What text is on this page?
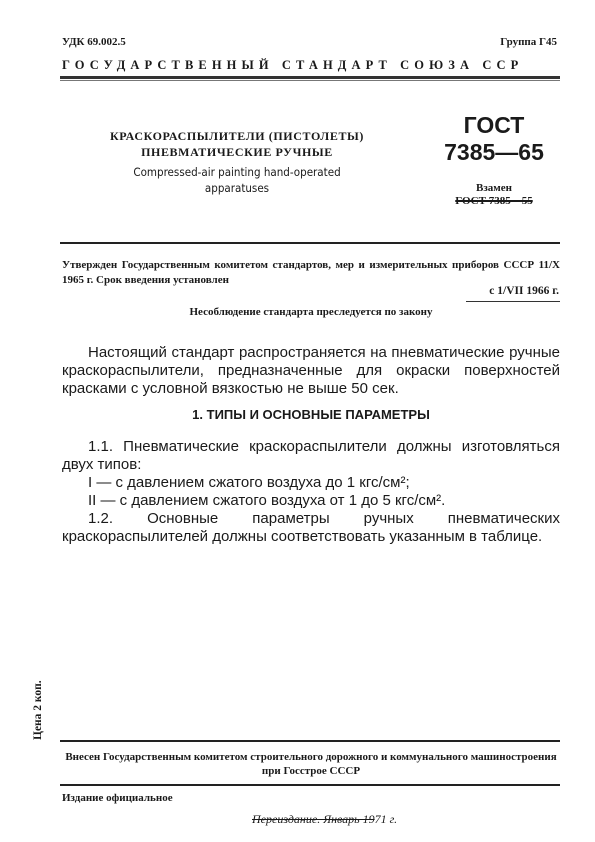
УДК 69.002.5	Группа Г45
ГОСУДАРСТВЕННЫЙ СТАНДАРТ СОЮЗА ССР
КРАСКОРАСПЫЛИТЕЛИ (ПИСТОЛЕТЫ)
ПНЕВМАТИЧЕСКИЕ РУЧНЫЕ
Compressed-air painting hand-operated
apparatuses
ГОСТ
7385—65
Взамен
ГОСТ 7385—55
Утвержден Государственным комитетом стандартов, мер и измерительных приборов СССР 11/X 1965 г. Срок введения установлен
с 1/VII 1966 г.
Несоблюдение стандарта преследуется по закону
Настоящий стандарт распространяется на пневматические ручные краскораспылители, предназначенные для окраски поверхностей красками с условной вязкостью не выше 50 сек.
1. ТИПЫ И ОСНОВНЫЕ ПАРАМЕТРЫ
1.1. Пневматические краскораспылители должны изготовляться двух типов:
I — с давлением сжатого воздуха до 1 кгс/см²;
II — с давлением сжатого воздуха от 1 до 5 кгс/см².
1.2. Основные параметры ручных пневматических краскораспылителей должны соответствовать указанным в таблице.
Цена 2 коп.
Внесен Государственным комитетом строительного дорожного и коммунального машиностроения при Госстрое СССР
Издание официальное
Переиздание. Январь 1971 г.
